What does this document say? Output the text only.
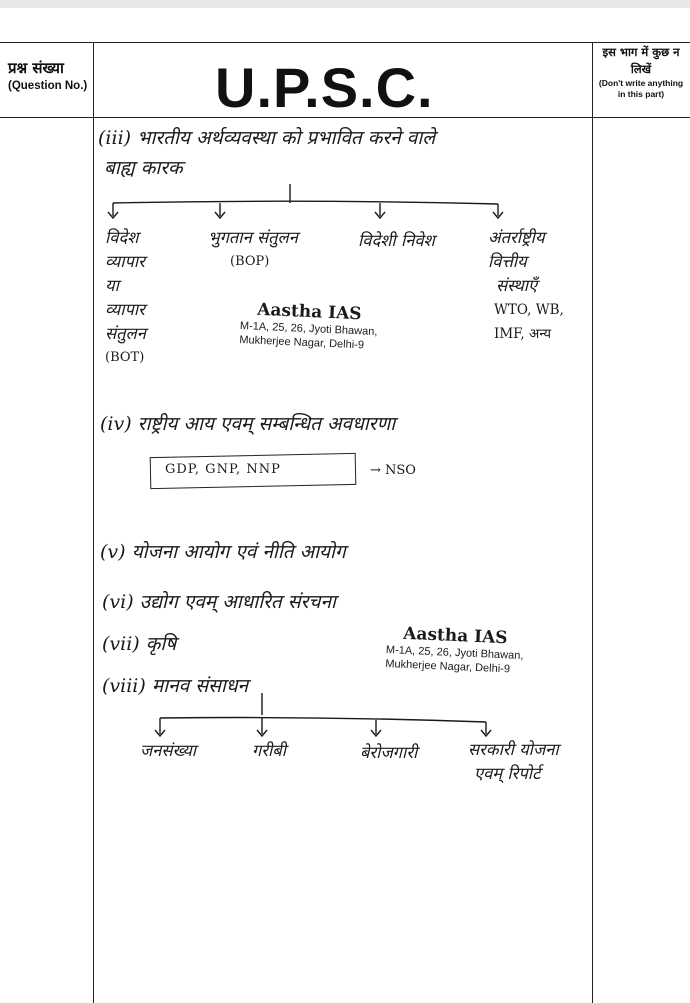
प्रश्न संख्या
(Question No.) U.P.S.C.
इस भाग में कुछ न लिखें
(Don't write anything in this part)
(iii) भारतीय अर्थव्यवस्था को प्रभावित करने वाले
बाह्य कारक
विदेश
व्यापार
या
व्यापार
संतुलन
(BOT)
भुगतान संतुलन
(BOP)
विदेशी निवेश	अंतर्राष्ट्रीय
वित्तीय
संस्थाएँ
WTO, WB,
IMF, अन्य
Aastha IAS
M-1A, 25, 26, Jyoti Bhawan,
Mukherjee Nagar, Delhi-9
(iv) राष्ट्रीय आय एवम् सम्बन्धित अवधारणा
GDP, GNP, NNP	→ NSO
(v) योजना आयोग एवं नीति आयोग
(vi) उद्योग एवम् आधारित संरचना
(vii) कृषि	Aastha IAS
M-1A, 25, 26, Jyoti Bhawan,
Mukherjee Nagar, Delhi-9
(viii) मानव संसाधन
जनसंख्या	गरीबी	बेरोजगारी	सरकारी योजना
एवम् रिपोर्ट
